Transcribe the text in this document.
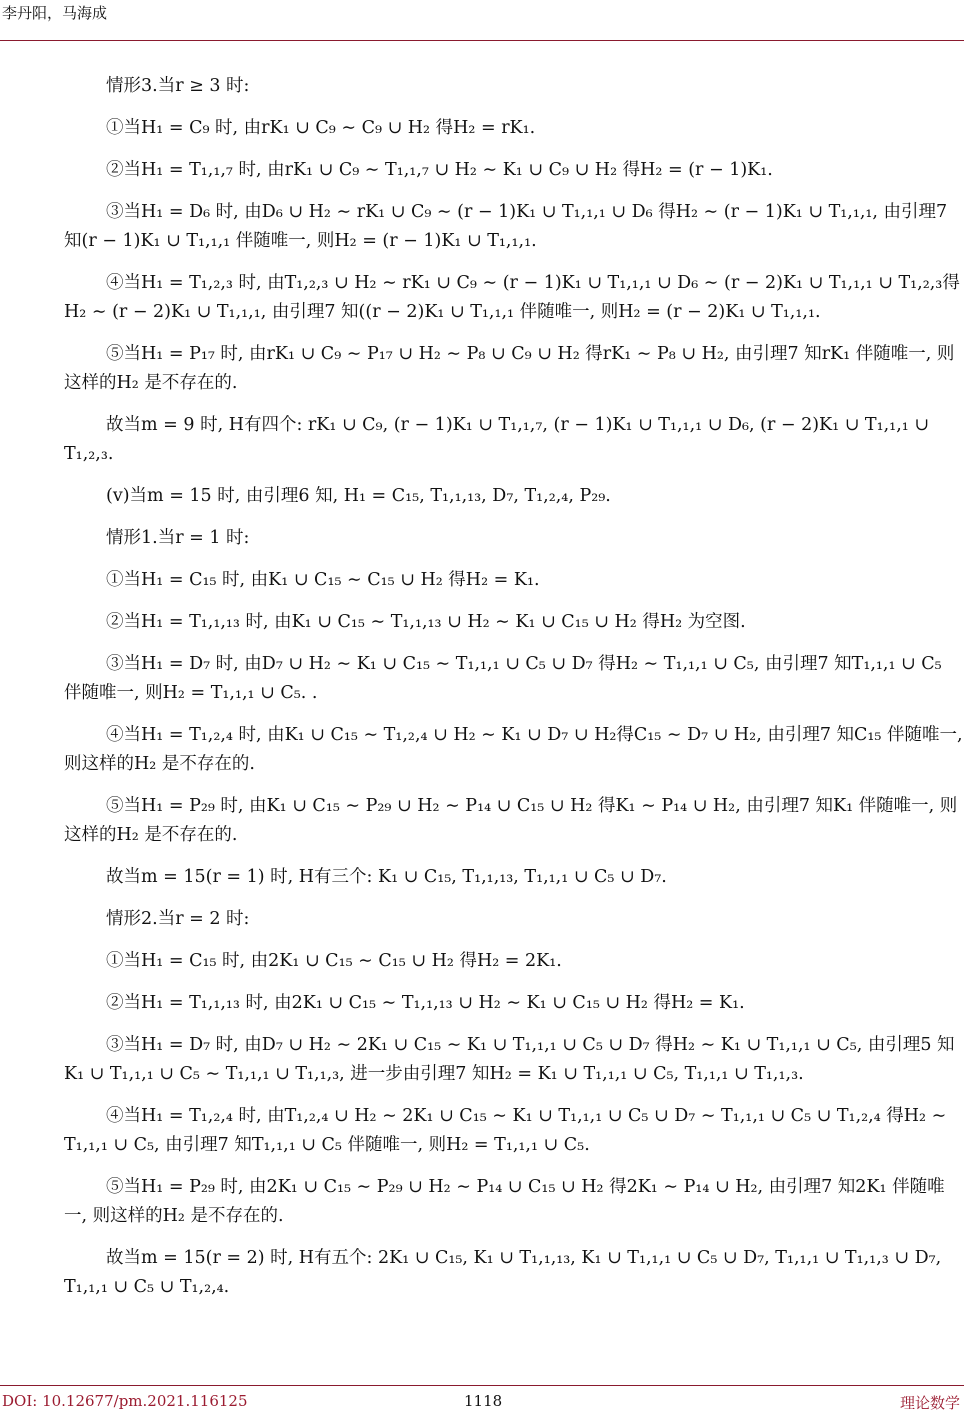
李丹阳，马海成

情形3.当r ≥ 3 时:

①当H₁ = C₉ 时, 由rK₁ ∪ C₉ ∼ C₉ ∪ H₂ 得H₂ = rK₁.

②当H₁ = T₁,₁,₇ 时, 由rK₁ ∪ C₉ ∼ T₁,₁,₇ ∪ H₂ ∼ K₁ ∪ C₉ ∪ H₂ 得H₂ = (r − 1)K₁.

③当H₁ = D₆ 时, 由D₆ ∪ H₂ ∼ rK₁ ∪ C₉ ∼ (r − 1)K₁ ∪ T₁,₁,₁ ∪ D₆ 得H₂ ∼ (r − 1)K₁ ∪ T₁,₁,₁, 由引理7 知(r − 1)K₁ ∪ T₁,₁,₁ 伴随唯一, 则H₂ = (r − 1)K₁ ∪ T₁,₁,₁.

④当H₁ = T₁,₂,₃ 时, 由T₁,₂,₃ ∪ H₂ ∼ rK₁ ∪ C₉ ∼ (r − 1)K₁ ∪ T₁,₁,₁ ∪ D₆ ∼ (r − 2)K₁ ∪ T₁,₁,₁ ∪ T₁,₂,₃得H₂ ∼ (r − 2)K₁ ∪ T₁,₁,₁, 由引理7 知((r − 2)K₁ ∪ T₁,₁,₁ 伴随唯一, 则H₂ = (r − 2)K₁ ∪ T₁,₁,₁.

⑤当H₁ = P₁₇ 时, 由rK₁ ∪ C₉ ∼ P₁₇ ∪ H₂ ∼ P₈ ∪ C₉ ∪ H₂ 得rK₁ ∼ P₈ ∪ H₂, 由引理7 知rK₁ 伴随唯一, 则这样的H₂ 是不存在的.

故当m = 9 时, H有四个: rK₁ ∪ C₉, (r − 1)K₁ ∪ T₁,₁,₇, (r − 1)K₁ ∪ T₁,₁,₁ ∪ D₆, (r − 2)K₁ ∪ T₁,₁,₁ ∪ T₁,₂,₃.

(v)当m = 15 时, 由引理6 知, H₁ = C₁₅, T₁,₁,₁₃, D₇, T₁,₂,₄, P₂₉.

情形1.当r = 1 时:

①当H₁ = C₁₅ 时, 由K₁ ∪ C₁₅ ∼ C₁₅ ∪ H₂ 得H₂ = K₁.

②当H₁ = T₁,₁,₁₃ 时, 由K₁ ∪ C₁₅ ∼ T₁,₁,₁₃ ∪ H₂ ∼ K₁ ∪ C₁₅ ∪ H₂ 得H₂ 为空图.

③当H₁ = D₇ 时, 由D₇ ∪ H₂ ∼ K₁ ∪ C₁₅ ∼ T₁,₁,₁ ∪ C₅ ∪ D₇ 得H₂ ∼ T₁,₁,₁ ∪ C₅, 由引理7 知T₁,₁,₁ ∪ C₅ 伴随唯一, 则H₂ = T₁,₁,₁ ∪ C₅. .

④当H₁ = T₁,₂,₄ 时, 由K₁ ∪ C₁₅ ∼ T₁,₂,₄ ∪ H₂ ∼ K₁ ∪ D₇ ∪ H₂得C₁₅ ∼ D₇ ∪ H₂, 由引理7 知C₁₅ 伴随唯一, 则这样的H₂ 是不存在的.

⑤当H₁ = P₂₉ 时, 由K₁ ∪ C₁₅ ∼ P₂₉ ∪ H₂ ∼ P₁₄ ∪ C₁₅ ∪ H₂ 得K₁ ∼ P₁₄ ∪ H₂, 由引理7 知K₁ 伴随唯一, 则这样的H₂ 是不存在的.

故当m = 15(r = 1) 时, H有三个: K₁ ∪ C₁₅, T₁,₁,₁₃, T₁,₁,₁ ∪ C₅ ∪ D₇.

情形2.当r = 2 时:

①当H₁ = C₁₅ 时, 由2K₁ ∪ C₁₅ ∼ C₁₅ ∪ H₂ 得H₂ = 2K₁.

②当H₁ = T₁,₁,₁₃ 时, 由2K₁ ∪ C₁₅ ∼ T₁,₁,₁₃ ∪ H₂ ∼ K₁ ∪ C₁₅ ∪ H₂ 得H₂ = K₁.

③当H₁ = D₇ 时, 由D₇ ∪ H₂ ∼ 2K₁ ∪ C₁₅ ∼ K₁ ∪ T₁,₁,₁ ∪ C₅ ∪ D₇ 得H₂ ∼ K₁ ∪ T₁,₁,₁ ∪ C₅, 由引理5 知K₁ ∪ T₁,₁,₁ ∪ C₅ ∼ T₁,₁,₁ ∪ T₁,₁,₃, 进一步由引理7 知H₂ = K₁ ∪ T₁,₁,₁ ∪ C₅, T₁,₁,₁ ∪ T₁,₁,₃.

④当H₁ = T₁,₂,₄ 时, 由T₁,₂,₄ ∪ H₂ ∼ 2K₁ ∪ C₁₅ ∼ K₁ ∪ T₁,₁,₁ ∪ C₅ ∪ D₇ ∼ T₁,₁,₁ ∪ C₅ ∪ T₁,₂,₄ 得H₂ ∼ T₁,₁,₁ ∪ C₅, 由引理7 知T₁,₁,₁ ∪ C₅ 伴随唯一, 则H₂ = T₁,₁,₁ ∪ C₅.

⑤当H₁ = P₂₉ 时, 由2K₁ ∪ C₁₅ ∼ P₂₉ ∪ H₂ ∼ P₁₄ ∪ C₁₅ ∪ H₂ 得2K₁ ∼ P₁₄ ∪ H₂, 由引理7 知2K₁ 伴随唯一, 则这样的H₂ 是不存在的.

故当m = 15(r = 2) 时, H有五个: 2K₁ ∪ C₁₅, K₁ ∪ T₁,₁,₁₃, K₁ ∪ T₁,₁,₁ ∪ C₅ ∪ D₇, T₁,₁,₁ ∪ T₁,₁,₃ ∪ D₇, T₁,₁,₁ ∪ C₅ ∪ T₁,₂,₄.

DOI: 10.12677/pm.2021.116125	1118	理论数学
